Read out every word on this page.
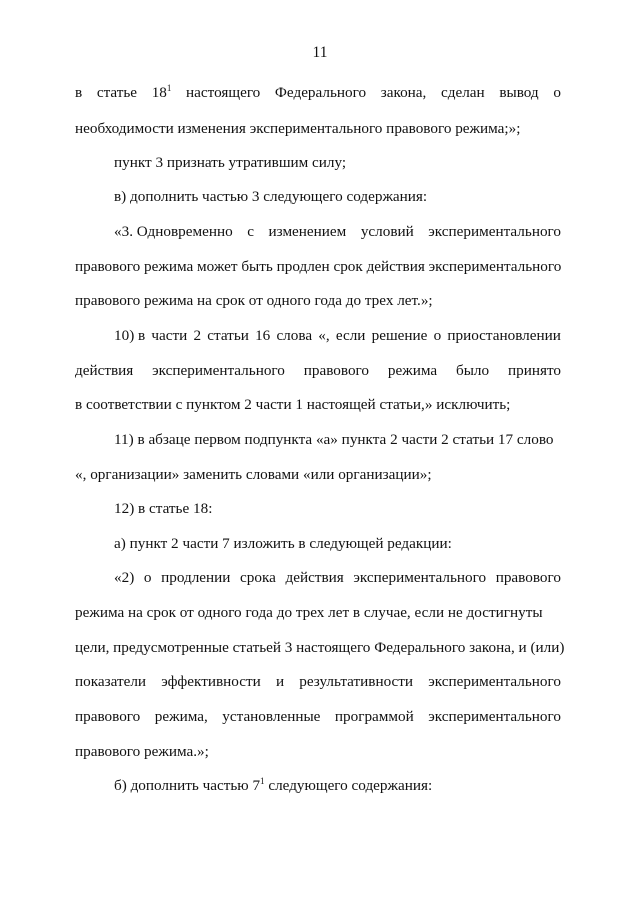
11
в статье $18^1$ настоящего Федерального закона, сделан вывод о
необходимости изменения экспериментального правового режима;»;
пункт 3 признать утратившим силу;
в) дополнить частью 3 следующего содержания:
«3. Одновременно с изменением условий экспериментального
правового режима может быть продлен срок действия экспериментального
правового режима на срок от одного года до трех лет.»;
10) в части 2 статьи 16 слова «, если решение о приостановлении
действия экспериментального правового режима было принято
в соответствии с пунктом 2 части 1 настоящей статьи,» исключить;
11) в абзаце первом подпункта «а» пункта 2 части 2 статьи 17 слово
«, организации» заменить словами «или организации»;
12) в статье 18:
а) пункт 2 части 7 изложить в следующей редакции:
«2) о продлении срока действия экспериментального правового
режима на срок от одного года до трех лет в случае, если не достигнуты
цели, предусмотренные статьей 3 настоящего Федерального закона, и (или)
показатели эффективности и результативности экспериментального
правового режима, установленные программой экспериментального
правового режима.»;
б) дополнить частью $7^1$ следующего содержания:
